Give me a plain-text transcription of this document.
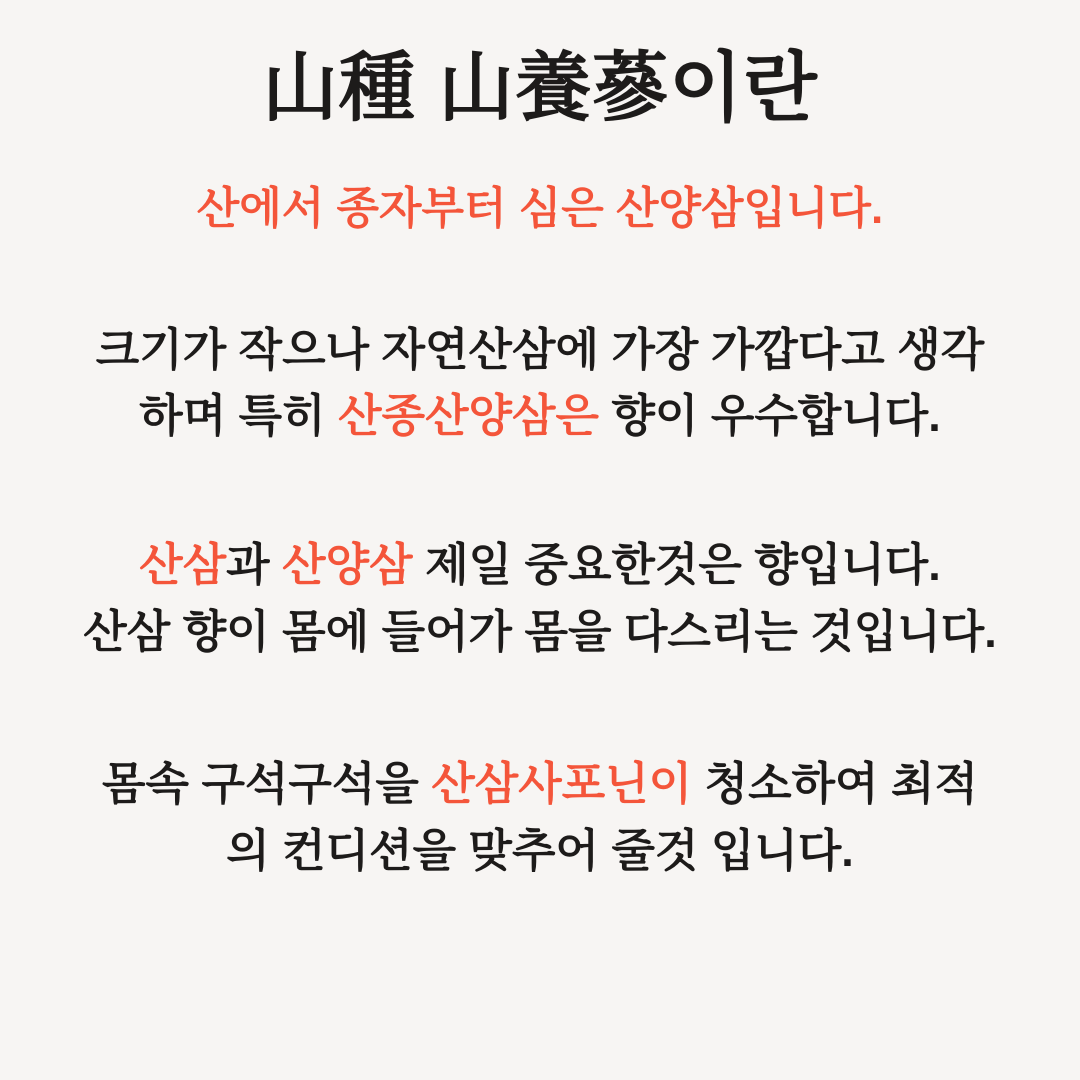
山種 山養蔘이란
산에서 종자부터 심은 산양삼입니다.
크기가 작으나 자연산삼에 가장 가깝다고 생각
하며 특히 산종산양삼은 향이 우수합니다.
산삼과 산양삼 제일 중요한것은 향입니다.
산삼 향이 몸에 들어가 몸을 다스리는 것입니다.
몸속 구석구석을 산삼사포닌이 청소하여 최적
의 컨디션을 맞추어 줄것 입니다.
